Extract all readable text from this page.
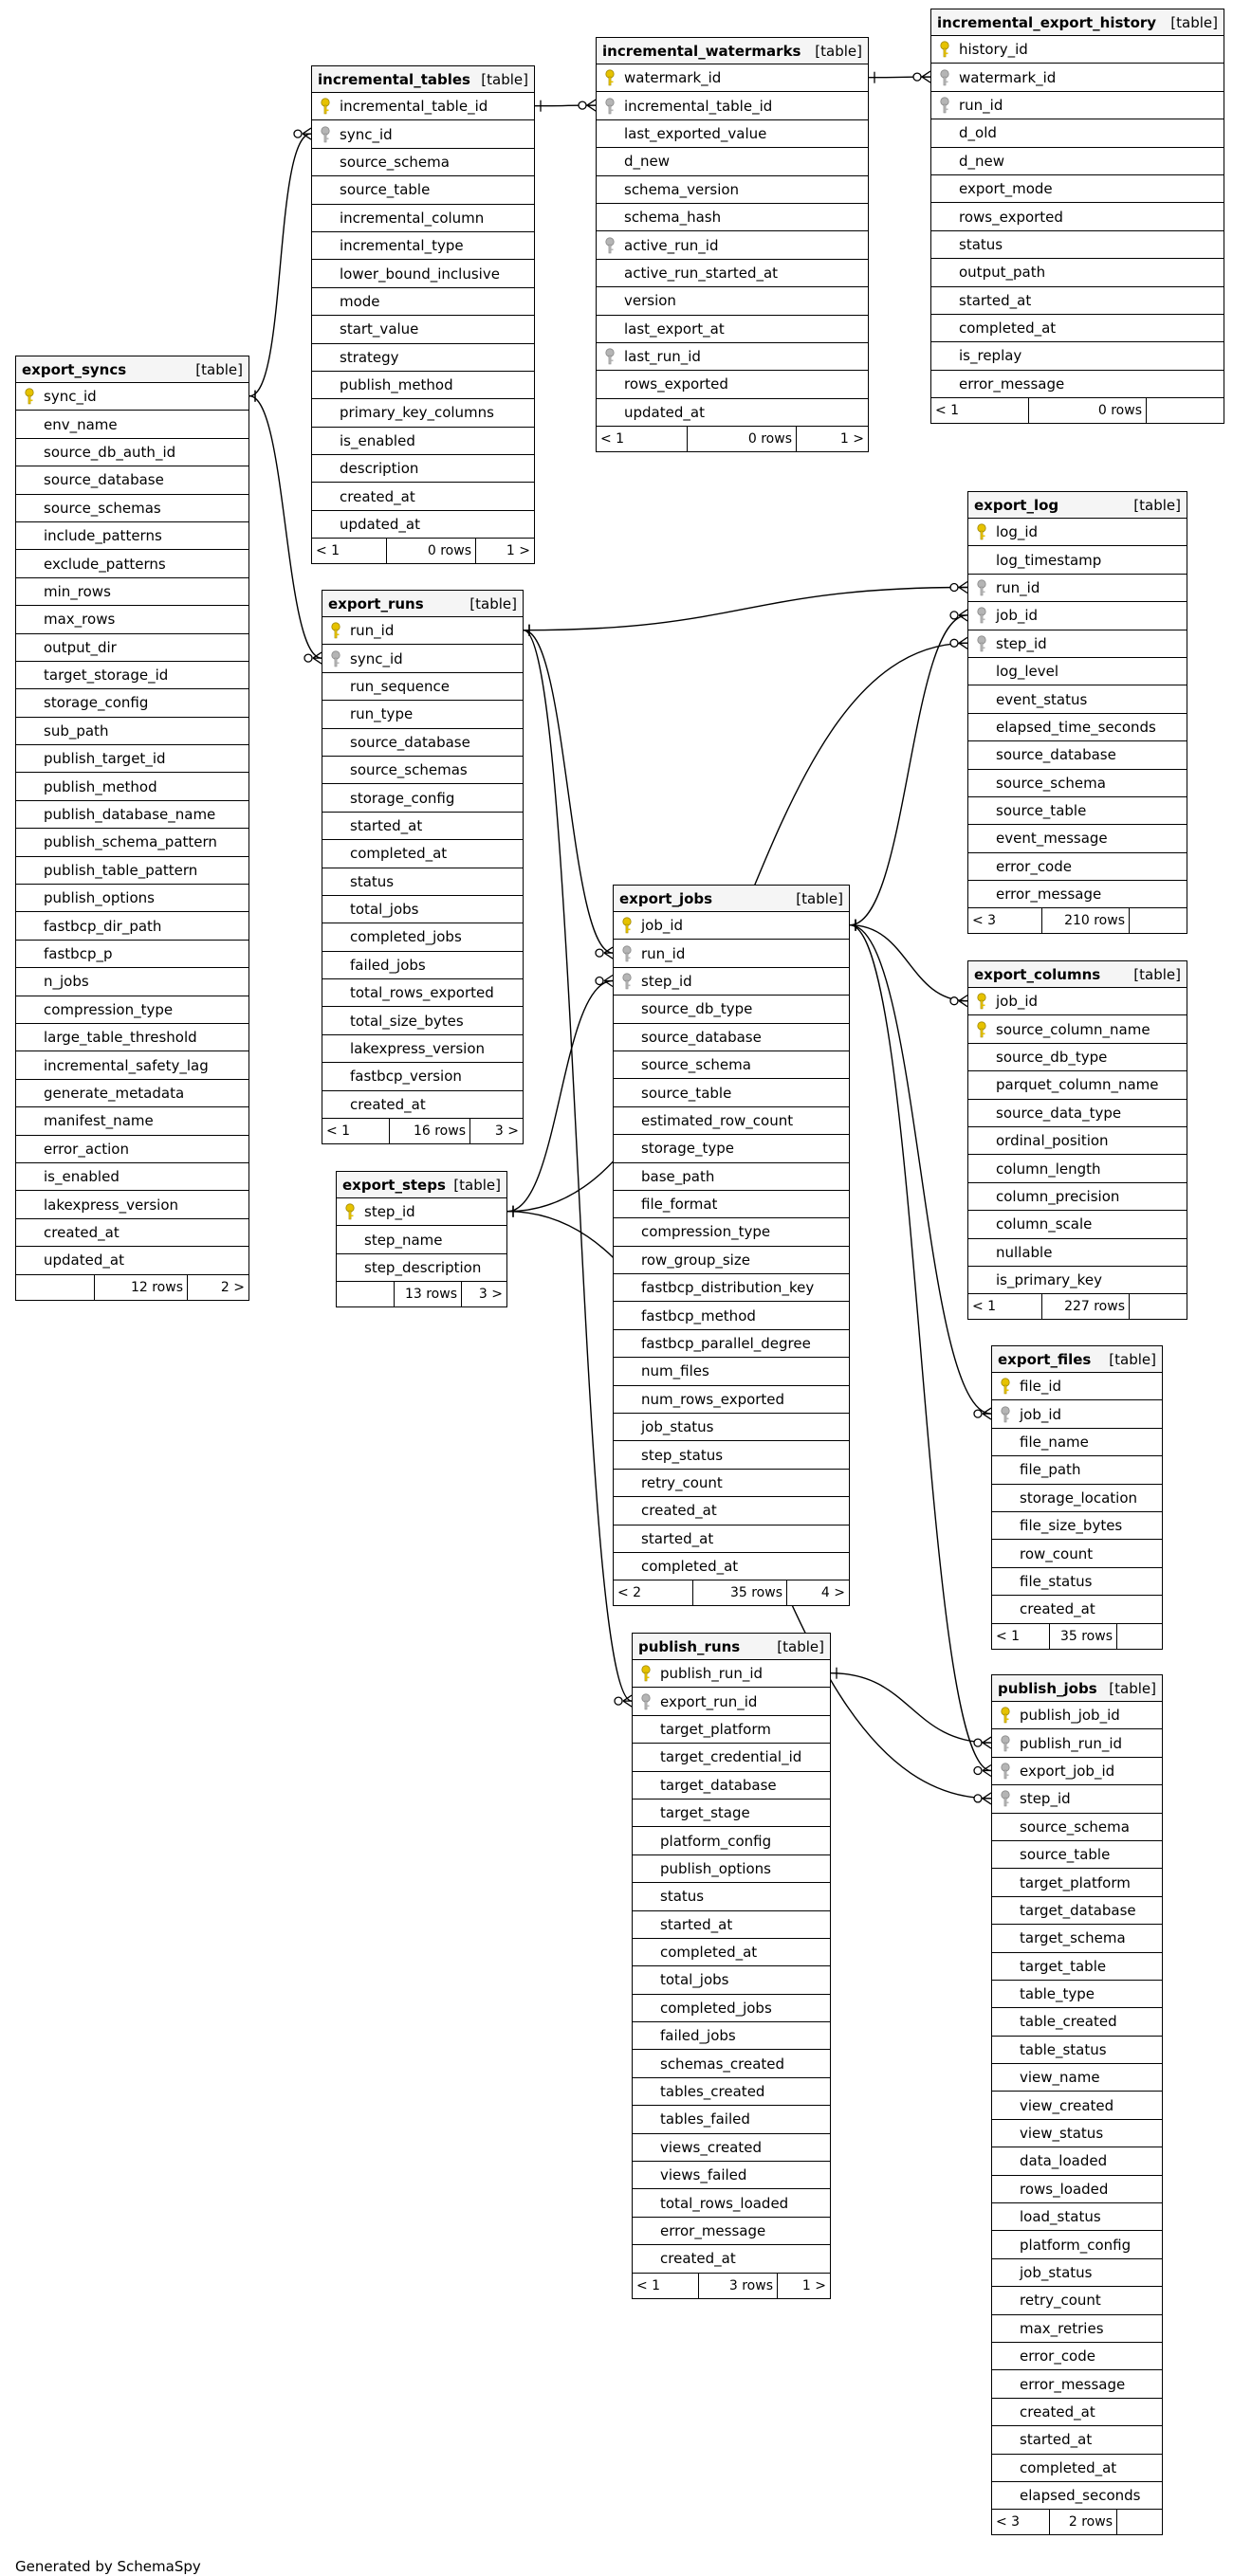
export_syncs	[table]
sync_id
env_name
source_db_auth_id
source_database
source_schemas
include_patterns
exclude_patterns
min_rows
max_rows
output_dir
target_storage_id
storage_config
sub_path
publish_target_id
publish_method
publish_database_name
publish_schema_pattern
publish_table_pattern
publish_options
fastbcp_dir_path
fastbcp_p
n_jobs
compression_type
large_table_threshold
incremental_safety_lag
generate_metadata
manifest_name
error_action
is_enabled
lakexpress_version
created_at
updated_at
12 rows	2 >
incremental_tables [table]
incremental_table_id
sync_id
source_schema
source_table
incremental_column
incremental_type
lower_bound_inclusive
mode
start_value
strategy
publish_method
primary_key_columns
is_enabled
description
created_at
updated_at
< 1	0 rows	1 >
incremental_watermarks [table]
watermark_id
incremental_table_id
last_exported_value
d_new
schema_version
schema_hash
active_run_id
active_run_started_at
version
last_export_at
last_run_id
rows_exported
updated_at
< 1	0 rows	1 >
incremental_export_history [table]
history_id
watermark_id
run_id
d_old
d_new
export_mode
rows_exported
status
output_path
started_at
completed_at
is_replay
error_message
< 1	0 rows
export_runs	[table]
run_id
sync_id
run_sequence
run_type
source_database
source_schemas
storage_config
started_at
completed_at
status
total_jobs
completed_jobs
failed_jobs
total_rows_exported
total_size_bytes
lakexpress_version
fastbcp_version
created_at
< 1	16 rows	3 >
export_log	[table]
log_id
log_timestamp
run_id
job_id
step_id
log_level
event_status
elapsed_time_seconds
source_database
source_schema
source_table
event_message
error_code
error_message
< 3	210 rows
export_jobs	[table]
job_id
run_id
step_id
source_db_type
source_database
source_schema
source_table
estimated_row_count
storage_type
base_path
file_format
compression_type
row_group_size
fastbcp_distribution_key
fastbcp_method
fastbcp_parallel_degree
num_files
num_rows_exported
job_status
step_status
retry_count
created_at
started_at
completed_at
< 2	35 rows	4 >
export_columns [table]
job_id
source_column_name
source_db_type
parquet_column_name
source_data_type
ordinal_position
column_length
column_precision
column_scale
nullable
is_primary_key
< 1	227 rows
export_steps [table]
step_id
step_name
step_description
13 rows	3 >
export_files [table]
file_id
job_id
file_name
file_path
storage_location
file_size_bytes
row_count
file_status
created_at
< 1	35 rows
publish_runs	[table]
publish_run_id
export_run_id
target_platform
target_credential_id
target_database
target_stage
platform_config
publish_options
status
started_at
completed_at
total_jobs
completed_jobs
failed_jobs
schemas_created
tables_created
tables_failed
views_created
views_failed
total_rows_loaded
error_message
created_at
< 1	3 rows	1 >
publish_jobs [table]
publish_job_id
publish_run_id
export_job_id
step_id
source_schema
source_table
target_platform
target_database
target_schema
target_table
table_type
table_created
table_status
view_name
view_created
view_status
data_loaded
rows_loaded
load_status
platform_config
job_status
retry_count
max_retries
error_code
error_message
created_at
started_at
completed_at
elapsed_seconds
< 3	2 rows
Generated by SchemaSpy
